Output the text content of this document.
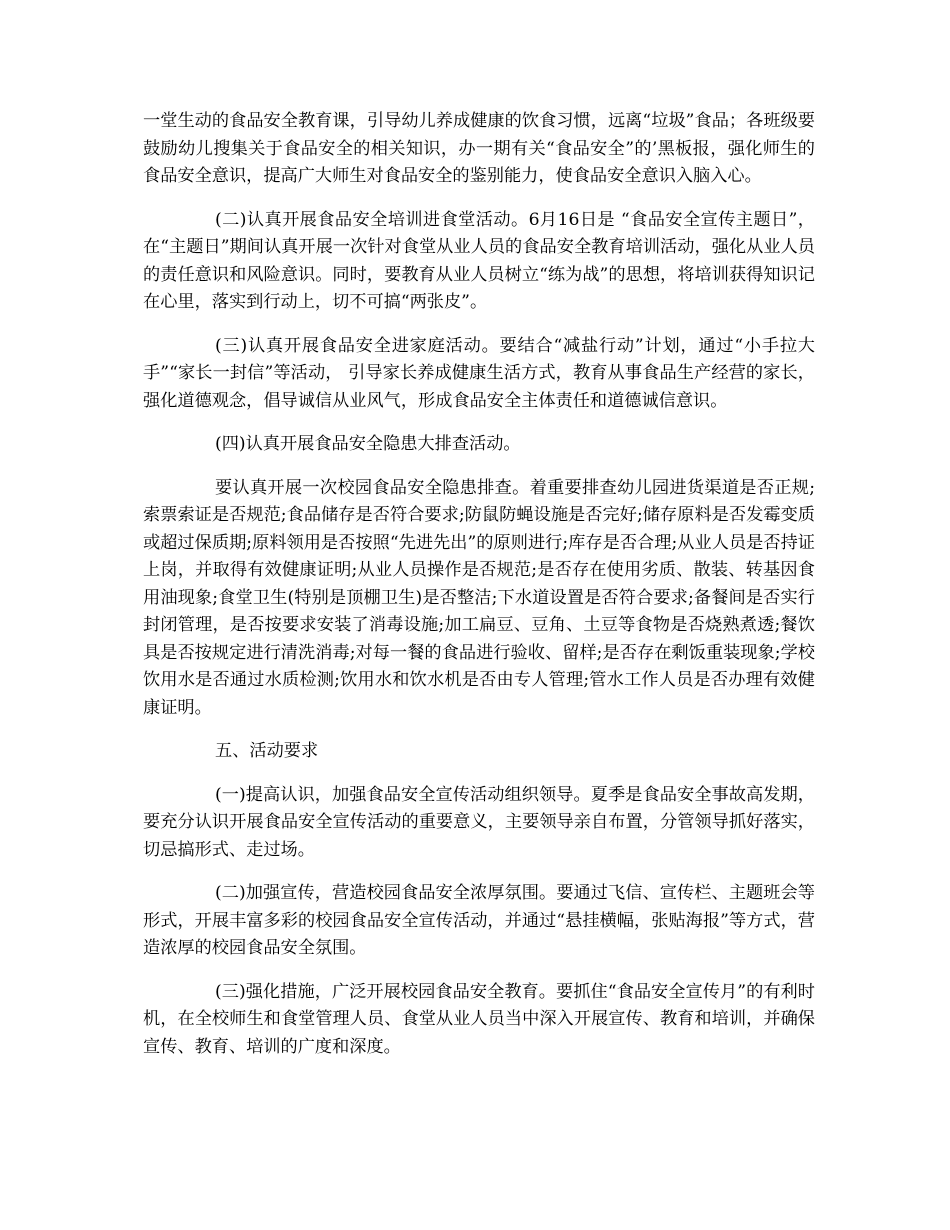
一堂生动的食品安全教育课，引导幼儿养成健康的饮食习惯，远离“垃圾”食品；各班级要鼓励幼儿搜集关于食品安全的相关知识，办一期有关“食品安全”的’黑板报，强化师生的食品安全意识，提高广大师生对食品安全的鉴别能力，使食品安全意识入脑入心。

(二)认真开展食品安全培训进食堂活动。6月16日是 “食品安全宣传主题日”，在“主题日”期间认真开展一次针对食堂从业人员的食品安全教育培训活动，强化从业人员的责任意识和风险意识。同时，要教育从业人员树立“练为战”的思想，将培训获得知识记在心里，落实到行动上，切不可搞“两张皮”。

(三)认真开展食品安全进家庭活动。要结合“减盐行动”计划，通过“小手拉大手”“家长一封信”等活动， 引导家长养成健康生活方式，教育从事食品生产经营的家长，强化道德观念，倡导诚信从业风气，形成食品安全主体责任和道德诚信意识。

(四)认真开展食品安全隐患大排查活动。

要认真开展一次校园食品安全隐患排查。着重要排查幼儿园进货渠道是否正规;索票索证是否规范;食品储存是否符合要求;防鼠防蝇设施是否完好;储存原料是否发霉变质或超过保质期;原料领用是否按照“先进先出”的原则进行;库存是否合理;从业人员是否持证上岗，并取得有效健康证明;从业人员操作是否规范;是否存在使用劣质、散装、转基因食用油现象;食堂卫生(特别是顶棚卫生)是否整洁;下水道设置是否符合要求;备餐间是否实行封闭管理，是否按要求安装了消毒设施;加工扁豆、豆角、土豆等食物是否烧熟煮透;餐饮具是否按规定进行清洗消毒;对每一餐的食品进行验收、留样;是否存在剩饭重装现象;学校饮用水是否通过水质检测;饮用水和饮水机是否由专人管理;管水工作人员是否办理有效健康证明。

五、活动要求

(一)提高认识，加强食品安全宣传活动组织领导。夏季是食品安全事故高发期，要充分认识开展食品安全宣传活动的重要意义，主要领导亲自布置，分管领导抓好落实，切忌搞形式、走过场。

(二)加强宣传，营造校园食品安全浓厚氛围。要通过飞信、宣传栏、主题班会等形式，开展丰富多彩的校园食品安全宣传活动，并通过“悬挂横幅，张贴海报”等方式，营造浓厚的校园食品安全氛围。

(三)强化措施，广泛开展校园食品安全教育。要抓住“食品安全宣传月”的有利时机，在全校师生和食堂管理人员、食堂从业人员当中深入开展宣传、教育和培训，并确保宣传、教育、培训的广度和深度。
